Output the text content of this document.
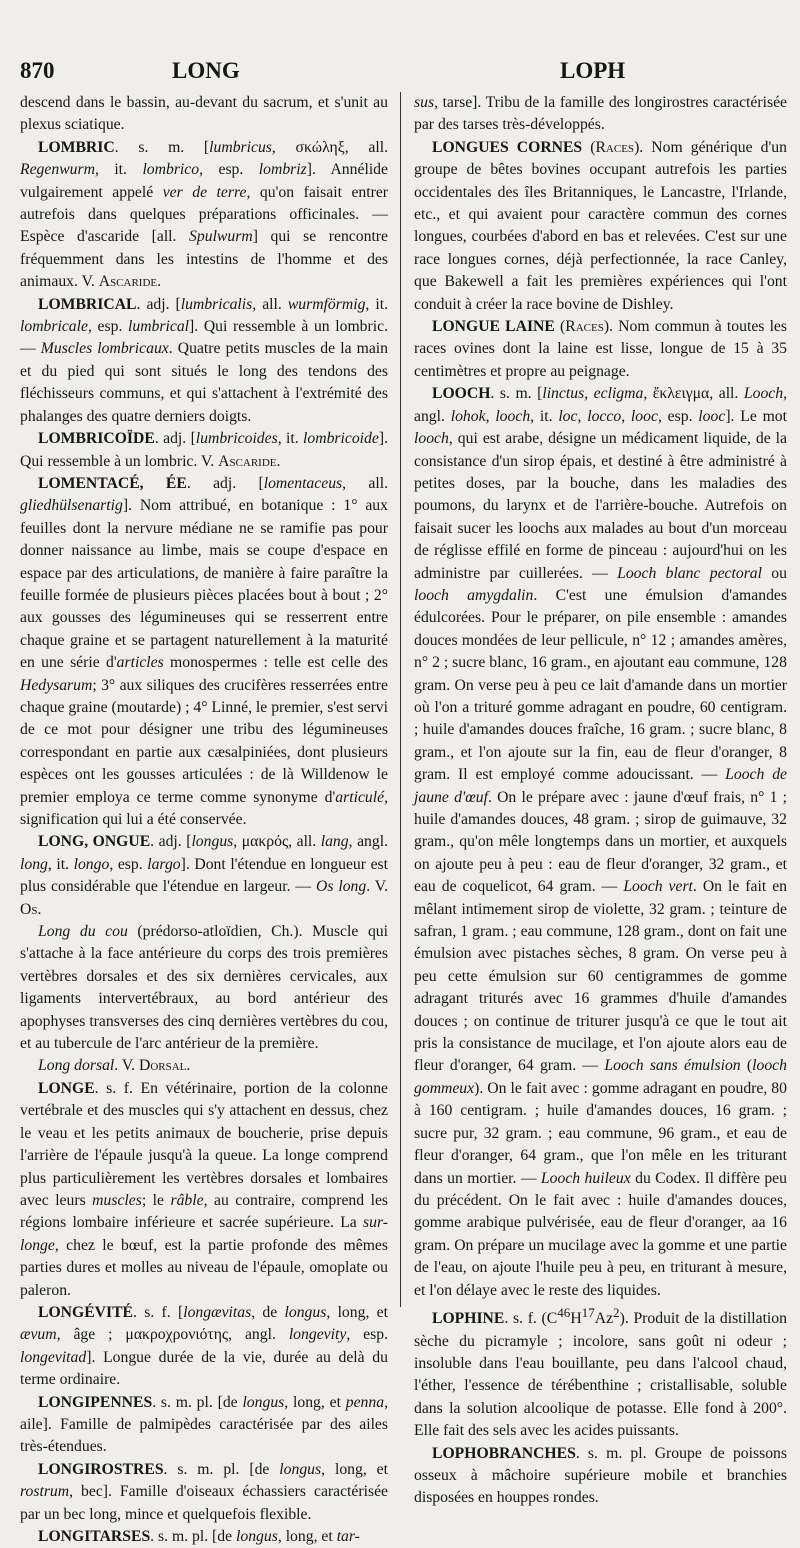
870	LONG	LOPH

descend dans le bassin, au-devant du sacrum, et s'unit au plexus sciatique.

LOMBRIC. s. m. [lumbricus, σκώληξ, all. Regenwurm, it. lombrico, esp. lombriz]. Annélide vulgairement appelé ver de terre, qu'on faisait entrer autrefois dans quelques préparations officinales. — Espèce d'ascaride [all. Spulwurm] qui se rencontre fréquemment dans les intestins de l'homme et des animaux. V. Ascaride.

LOMBRICAL. adj. [lumbricalis, all. wurmförmig, it. lombricale, esp. lumbrical]. Qui ressemble à un lombric.— Muscles lombricaux. Quatre petits muscles de la main et du pied qui sont situés le long des tendons des fléchisseurs communs, et qui s'attachent à l'extrémité des phalanges des quatre derniers doigts.

LOMBRICOÏDE. adj. [lumbricoides, it. lombricoide]. Qui ressemble à un lombric. V. Ascaride.

LOMENTACÉ, ÉE. adj. [lomentaceus, all. gliedhülsenartig]. Nom attribué, en botanique : 1° aux feuilles dont la nervure médiane ne se ramifie pas pour donner naissance au limbe, mais se coupe d'espace en espace par des articulations, de manière à faire paraître la feuille formée de plusieurs pièces placées bout à bout ; 2° aux gousses des légumineuses qui se resserrent entre chaque graine et se partagent naturellement à la maturité en une série d'articles monospermes : telle est celle des Hedysarum; 3° aux siliques des crucifères resserrées entre chaque graine (moutarde) ; 4° Linné, le premier, s'est servi de ce mot pour désigner une tribu des légumineuses correspondant en partie aux cæsalpiniées, dont plusieurs espèces ont les gousses articulées : de là Willdenow le premier employa ce terme comme synonyme d'articulé, signification qui lui a été conservée.

LONG, ONGUE. adj. [longus, μακρός, all. lang, angl. long, it. longo, esp. largo]. Dont l'étendue en longueur est plus considérable que l'étendue en largeur. — Os long. V. Os.

Long du cou (prédorso-atloïdien, Ch.). Muscle qui s'attache à la face antérieure du corps des trois premières vertèbres dorsales et des six dernières cervicales, aux ligaments intervertébraux, au bord antérieur des apophyses transverses des cinq dernières vertèbres du cou, et au tubercule de l'arc antérieur de la première.

Long dorsal. V. Dorsal.

LONGE. s. f. En vétérinaire, portion de la colonne vertébrale et des muscles qui s'y attachent en dessus, chez le veau et les petits animaux de boucherie, prise depuis l'arrière de l'épaule jusqu'à la queue. La longe comprend plus particulièrement les vertèbres dorsales et lombaires avec leurs muscles; le râble, au contraire, comprend les régions lombaire inférieure et sacrée supérieure. La sur-longe, chez le bœuf, est la partie profonde des mêmes parties dures et molles au niveau de l'épaule, omoplate ou paleron.

LONGÉVITÉ. s. f. [longævitas, de longus, long, et ævum, âge ; μακροχρονιότης, angl. longevity, esp. longevitad]. Longue durée de la vie, durée au delà du terme ordinaire.

LONGIPENNES. s. m. pl. [de longus, long, et penna, aile]. Famille de palmipèdes caractérisée par des ailes très-étendues.

LONGIROSTRES. s. m. pl. [de longus, long, et rostrum, bec]. Famille d'oiseaux échassiers caractérisée par un bec long, mince et quelquefois flexible.

LONGITARSES. s. m. pl. [de longus, long, et tar-

sus, tarse]. Tribu de la famille des longirostres caractérisée par des tarses très-développés.

LONGUES CORNES (Races). Nom générique d'un groupe de bêtes bovines occupant autrefois les parties occidentales des îles Britanniques, le Lancastre, l'Irlande, etc., et qui avaient pour caractère commun des cornes longues, courbées d'abord en bas et relevées. C'est sur une race longues cornes, déjà perfectionnée, la race Canley, que Bakewell a fait les premières expériences qui l'ont conduit à créer la race bovine de Dishley.

LONGUE LAINE (Races). Nom commun à toutes les races ovines dont la laine est lisse, longue de 15 à 35 centimètres et propre au peignage.

LOOCH. s. m. [linctus, ecligma, ἔκλειγμα, all. Looch, angl. lohok, looch, it. loc, locco, looc, esp. looc]. Le mot looch, qui est arabe, désigne un médicament liquide, de la consistance d'un sirop épais, et destiné à être administré à petites doses, par la bouche, dans les maladies des poumons, du larynx et de l'arrière-bouche. Autrefois on faisait sucer les loochs aux malades au bout d'un morceau de réglisse effilé en forme de pinceau : aujourd'hui on les administre par cuillerées. — Looch blanc pectoral ou looch amygdalin. C'est une émulsion d'amandes édulcorées. Pour le préparer, on pile ensemble : amandes douces mondées de leur pellicule, n° 12 ; amandes amères, n° 2 ; sucre blanc, 16 gram., en ajoutant eau commune, 128 gram. On verse peu à peu ce lait d'amande dans un mortier où l'on a trituré gomme adragant en poudre, 60 centigram. ; huile d'amandes douces fraîche, 16 gram. ; sucre blanc, 8 gram., et l'on ajoute sur la fin, eau de fleur d'oranger, 8 gram. Il est employé comme adoucissant. — Looch de jaune d'œuf. On le prépare avec : jaune d'œuf frais, n° 1 ; huile d'amandes douces, 48 gram. ; sirop de guimauve, 32 gram., qu'on mêle longtemps dans un mortier, et auxquels on ajoute peu à peu : eau de fleur d'oranger, 32 gram., et eau de coquelicot, 64 gram. — Looch vert. On le fait en mêlant intimement sirop de violette, 32 gram. ; teinture de safran, 1 gram. ; eau commune, 128 gram., dont on fait une émulsion avec pistaches sèches, 8 gram. On verse peu à peu cette émulsion sur 60 centigrammes de gomme adragant triturés avec 16 grammes d'huile d'amandes douces ; on continue de triturer jusqu'à ce que le tout ait pris la consistance de mucilage, et l'on ajoute alors eau de fleur d'oranger, 64 gram. — Looch sans émulsion (looch gommeux). On le fait avec : gomme adragant en poudre, 80 à 160 centigram. ; huile d'amandes douces, 16 gram. ; sucre pur, 32 gram. ; eau commune, 96 gram., et eau de fleur d'oranger, 64 gram., que l'on mêle en les triturant dans un mortier. — Looch huileux du Codex. Il diffère peu du précédent. On le fait avec : huile d'amandes douces, gomme arabique pulvérisée, eau de fleur d'oranger, aa 16 gram. On prépare un mucilage avec la gomme et une partie de l'eau, on ajoute l'huile peu à peu, en triturant à mesure, et l'on délaye avec le reste des liquides.

LOPHINE. s. f. $(C^{46}H^{17}Az^2)$. Produit de la distillation sèche du picramyle ; incolore, sans goût ni odeur ; insoluble dans l'eau bouillante, peu dans l'alcool chaud, l'éther, l'essence de térébenthine ; cristallisable, soluble dans la solution alcoolique de potasse. Elle fond à 200°. Elle fait des sels avec les acides puissants.

LOPHOBRANCHES. s. m. pl. Groupe de poissons osseux à mâchoire supérieure mobile et branchies disposées en houppes rondes.
